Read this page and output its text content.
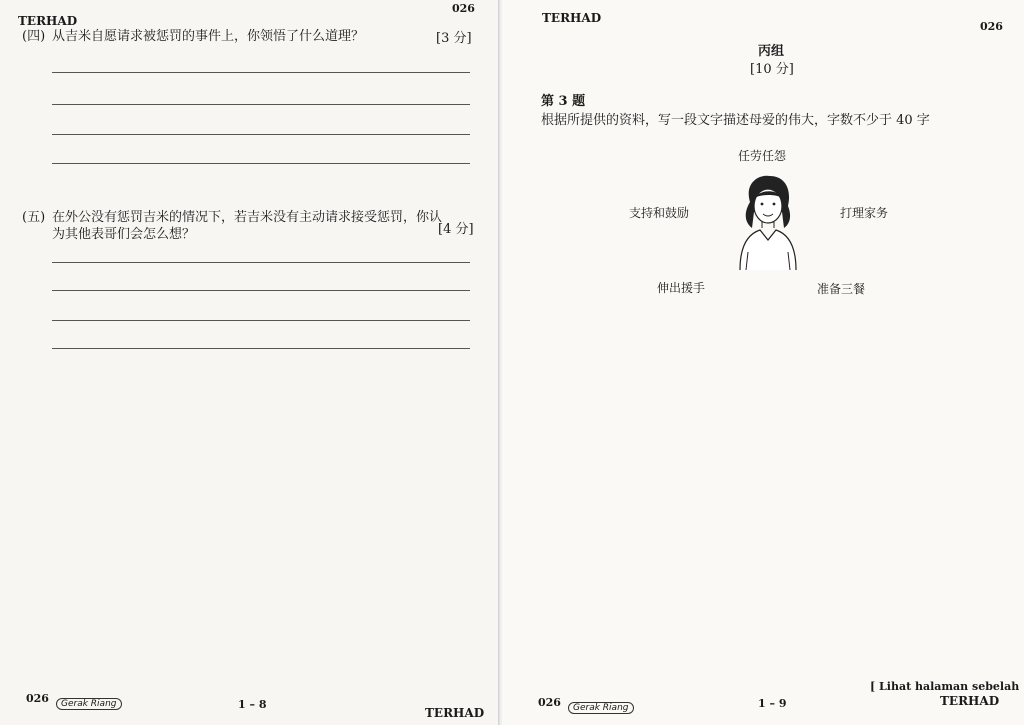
TERHAD
026
(四) 从吉米自愿请求被惩罚的事件上，你领悟了什么道理？	[3 分]
(五) 在外公没有惩罚吉米的情况下，若吉米没有主动请求接受惩罚，你认
为其他表哥们会怎么想？	[4 分]
026	Gerak Riang	1 – 8
TERHAD
TERHAD
026
丙组
[10 分]
第 3 题
根据所提供的资料，写一段文字描述母爱的伟大，字数不少于 40 字
任劳任怨
支持和鼓励	打理家务
伸出援手	准备三餐
026	Gerak Riang	1 – 9
[ Lihat halaman sebelah
TERHAD
